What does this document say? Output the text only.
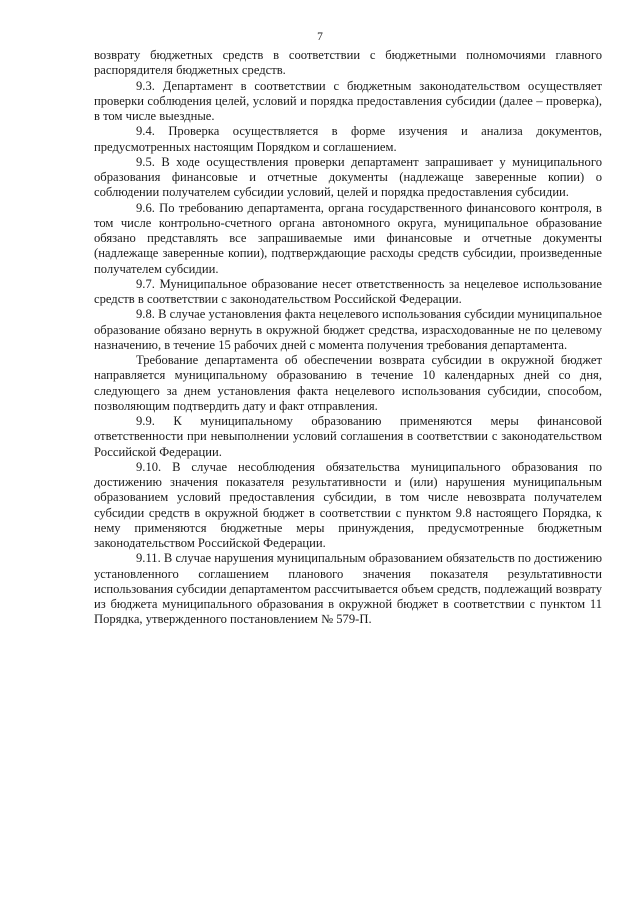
7

возврату бюджетных средств в соответствии с бюджетными полномочиями главного распорядителя бюджетных средств.

9.3. Департамент в соответствии с бюджетным законодательством осуществляет проверки соблюдения целей, условий и порядка предоставления субсидии (далее – проверка), в том числе выездные.

9.4. Проверка осуществляется в форме изучения и анализа документов, предусмотренных настоящим Порядком и соглашением.

9.5. В ходе осуществления проверки департамент запрашивает у муниципального образования финансовые и отчетные документы (надлежаще заверенные копии) о соблюдении получателем субсидии условий, целей и порядка предоставления субсидии.

9.6. По требованию департамента, органа государственного финансового контроля, в том числе контрольно-счетного органа автономного округа, муниципальное образование обязано представлять все запрашиваемые ими финансовые и отчетные документы (надлежаще заверенные копии), подтверждающие расходы средств субсидии, произведенные получателем субсидии.

9.7. Муниципальное образование несет ответственность за нецелевое использование средств в соответствии с законодательством Российской Федерации.

9.8. В случае установления факта нецелевого использования субсидии муниципальное образование обязано вернуть в окружной бюджет средства, израсходованные не по целевому назначению, в течение 15 рабочих дней с момента получения требования департамента.

Требование департамента об обеспечении возврата субсидии в окружной бюджет направляется муниципальному образованию в течение 10 календарных дней со дня, следующего за днем установления факта нецелевого использования субсидии, способом, позволяющим подтвердить дату и факт отправления.

9.9. К муниципальному образованию применяются меры финансовой ответственности при невыполнении условий соглашения в соответствии с законодательством Российской Федерации.

9.10. В случае несоблюдения обязательства муниципального образования по достижению значения показателя результативности и (или) нарушения муниципальным образованием условий предоставления субсидии, в том числе невозврата получателем субсидии средств в окружной бюджет в соответствии с пунктом 9.8 настоящего Порядка, к нему применяются бюджетные меры принуждения, предусмотренные бюджетным законодательством Российской Федерации.

9.11. В случае нарушения муниципальным образованием обязательств по достижению установленного соглашением планового значения показателя результативности использования субсидии департаментом рассчитывается объем средств, подлежащий возврату из бюджета муниципального образования в окружной бюджет в соответствии с пунктом 11 Порядка, утвержденного постановлением № 579-П.
